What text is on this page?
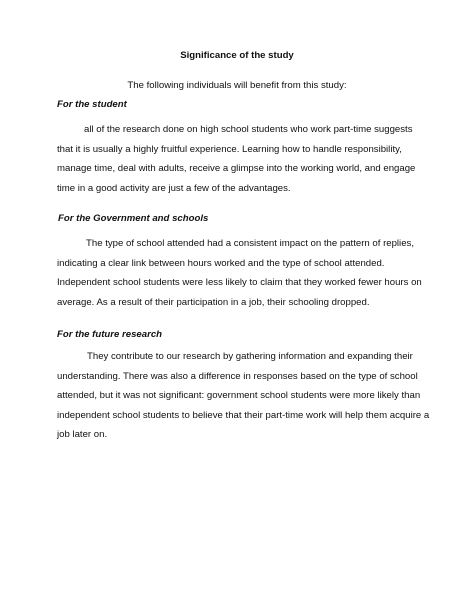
Significance of the study

The following individuals will benefit from this study:

For the student

all of the research done on high school students who work part-time suggests
that it is usually a highly fruitful experience. Learning how to handle responsibility,
manage time, deal with adults, receive a glimpse into the working world, and engage
time in a good activity are just a few of the advantages.

For the Government and schools

The type of school attended had a consistent impact on the pattern of replies,
indicating a clear link between hours worked and the type of school attended.
Independent school students were less likely to claim that they worked fewer hours on
average. As a result of their participation in a job, their schooling dropped.

For the future research

They contribute to our research by gathering information and expanding their
understanding. There was also a difference in responses based on the type of school
attended, but it was not significant: government school students were more likely than
independent school students to believe that their part-time work will help them acquire a
job later on.
